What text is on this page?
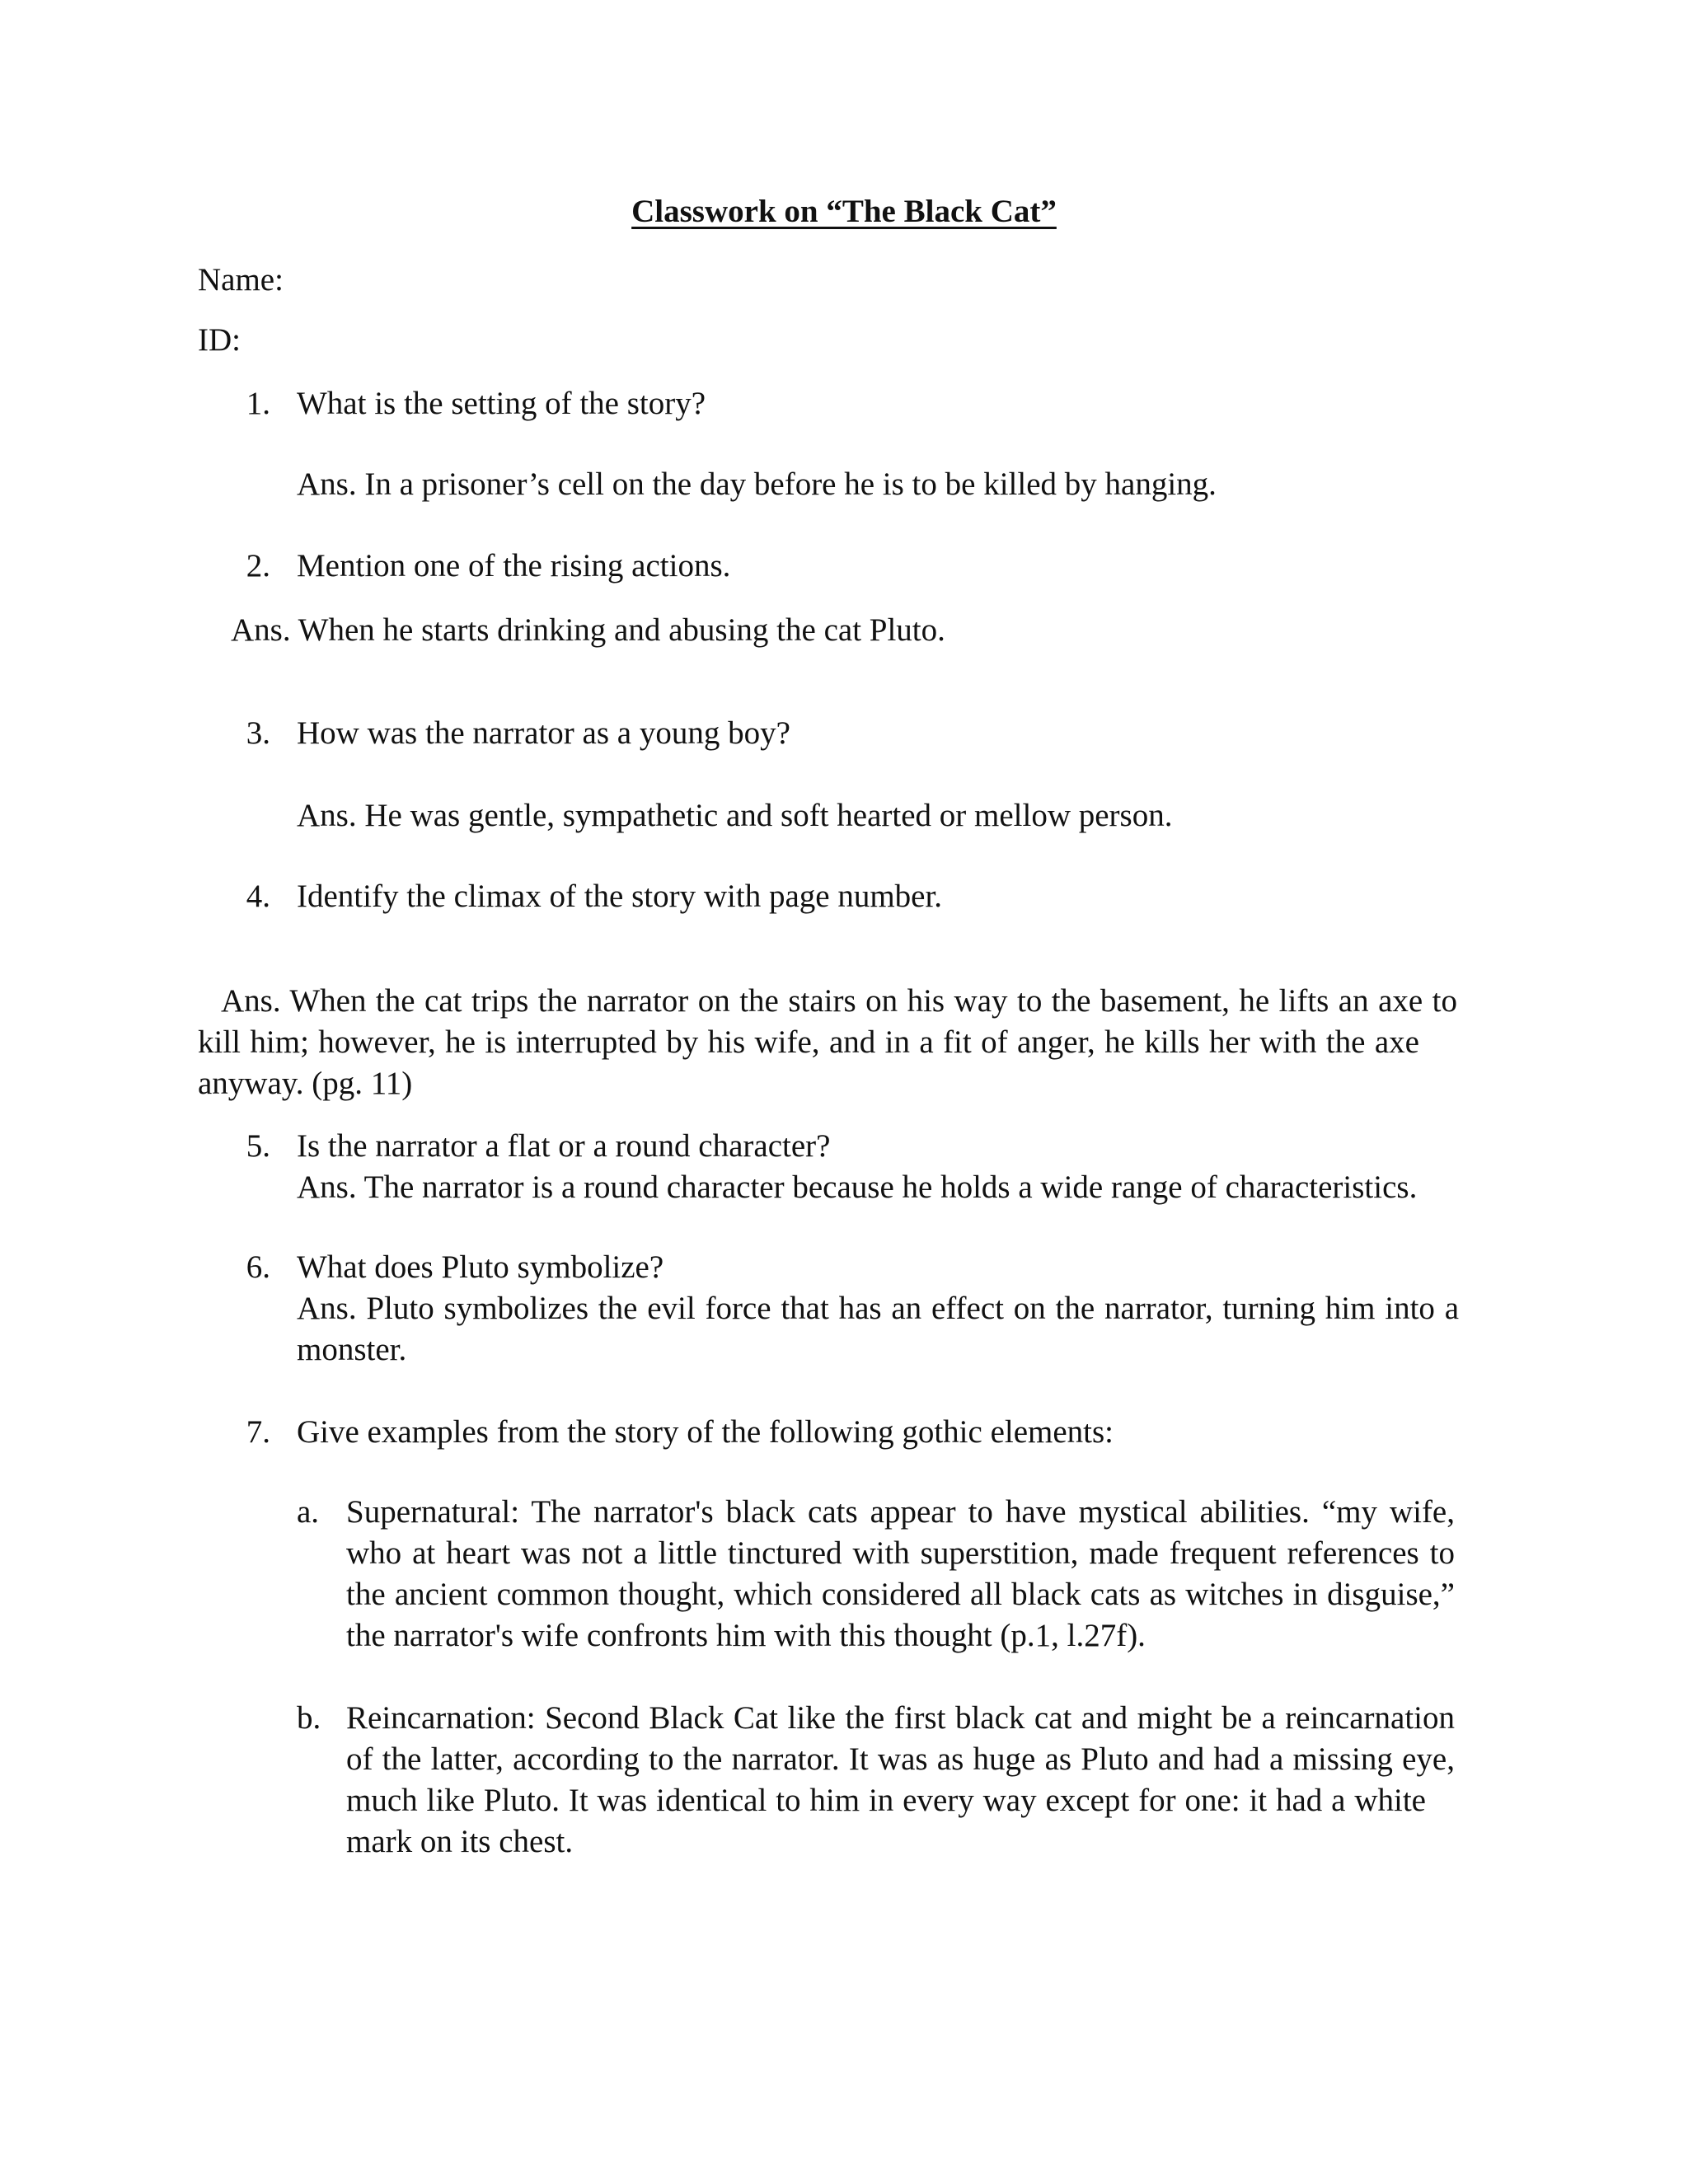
Classwork on “The Black Cat”
Name:
ID:
1. What is the setting of the story?
Ans. In a prisoner’s cell on the day before he is to be killed by hanging.
2. Mention one of the rising actions.
Ans. When he starts drinking and abusing the cat Pluto.
3. How was the narrator as a young boy?
Ans. He was gentle, sympathetic and soft hearted or mellow person.
4. Identify the climax of the story with page number.
Ans. When the cat trips the narrator on the stairs on his way to the basement, he lifts an axe to
kill him; however, he is interrupted by his wife, and in a fit of anger, he kills her with the axe
anyway. (pg. 11)
5. Is the narrator a flat or a round character?
Ans. The narrator is a round character because he holds a wide range of characteristics.
6. What does Pluto symbolize?
Ans. Pluto symbolizes the evil force that has an effect on the narrator, turning him into a
monster.
7. Give examples from the story of the following gothic elements:
a. Supernatural: The narrator's black cats appear to have mystical abilities. “my wife,
who at heart was not a little tinctured with superstition, made frequent references to
the ancient common thought, which considered all black cats as witches in disguise,”
the narrator's wife confronts him with this thought (p.1, l.27f).
b. Reincarnation: Second Black Cat like the first black cat and might be a reincarnation
of the latter, according to the narrator. It was as huge as Pluto and had a missing eye,
much like Pluto. It was identical to him in every way except for one: it had a white
mark on its chest.
